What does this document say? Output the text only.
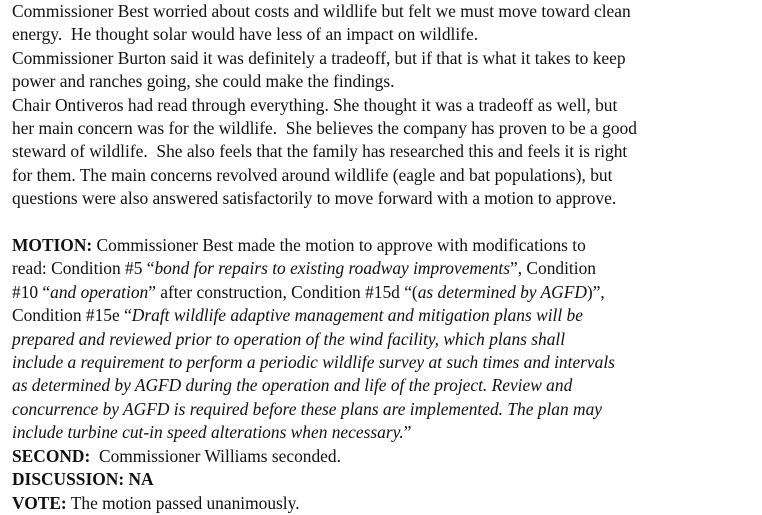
Commissioner Best worried about costs and wildlife but felt we must move toward clean
energy.  He thought solar would have less of an impact on wildlife.
Commissioner Burton said it was definitely a tradeoff, but if that is what it takes to keep
power and ranches going, she could make the findings.
Chair Ontiveros had read through everything. She thought it was a tradeoff as well, but
her main concern was for the wildlife.  She believes the company has proven to be a good
steward of wildlife.  She also feels that the family has researched this and feels it is right
for them. The main concerns revolved around wildlife (eagle and bat populations), but
questions were also answered satisfactorily to move forward with a motion to approve.
MOTION: Commissioner Best made the motion to approve with modifications to
read: Condition #5 “bond for repairs to existing roadway improvements”, Condition
#10 “and operation” after construction, Condition #15d “(as determined by AGFD)”,
Condition #15e “Draft wildlife adaptive management and mitigation plans will be
prepared and reviewed prior to operation of the wind facility, which plans shall
include a requirement to perform a periodic wildlife survey at such times and intervals
as determined by AGFD during the operation and life of the project. Review and
concurrence by AGFD is required before these plans are implemented. The plan may
include turbine cut-in speed alterations when necessary.”
SECOND:  Commissioner Williams seconded.
DISCUSSION: NA
VOTE: The motion passed unanimously.
